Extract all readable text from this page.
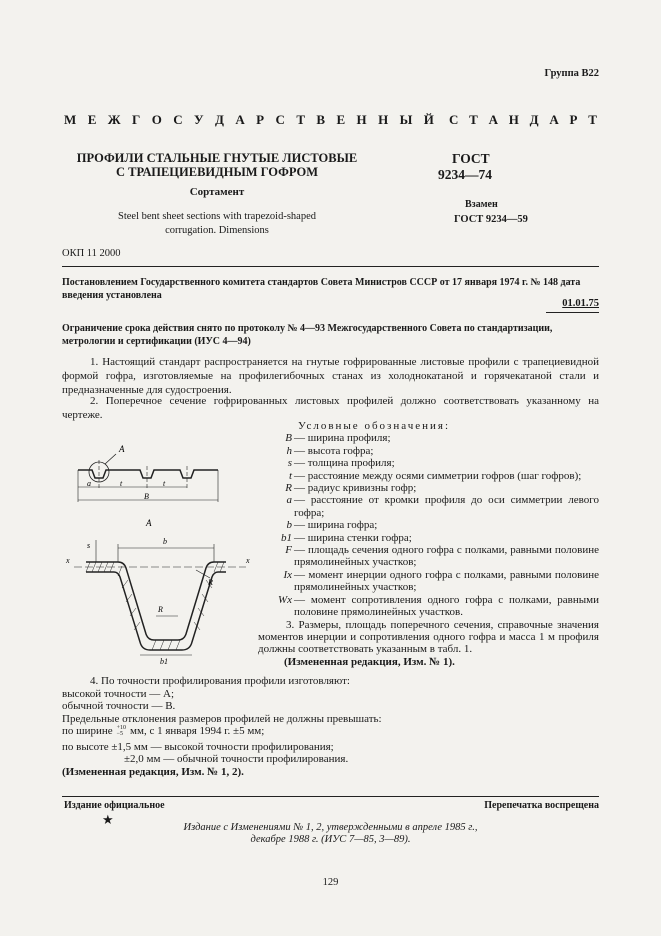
Группа В22
М Е Ж Г О С У Д А Р С Т В Е Н Н Ы Й С Т А Н Д А Р Т
ПРОФИЛИ СТАЛЬНЫЕ ГНУТЫЕ ЛИСТОВЫЕ
С ТРАПЕЦИЕВИДНЫМ ГОФРОМ
Сортамент
Steel bent sheet sections with trapezoid-shaped
corrugation. Dimensions
ГОСТ
9234—74
Взамен
ГОСТ 9234—59
ОКП 11 2000
Постановлением Государственного комитета стандартов Совета Министров СССР от 17 января 1974 г. № 148 дата введения установлена
01.01.75
Ограничение срока действия снято по протоколу № 4—93 Межгосударственного Совета по стандартизации, метрологии и сертификации (ИУС 4—94)
1. Настоящий стандарт распространяется на гнутые гофрированные листовые профили с трапециевидной формой гофра, изготовляемые на профилегибочных станах из холоднокатаной и горячекатаной стали и предназначенные для судостроения.
2. Поперечное сечение гофрированных листовых профилей должно соответствовать указанному на чертеже.
A
a	t	t
B
A
x	x
s	b
R
R
b1
Условные обозначения:
B — ширина профиля;
h — высота гофра;
s — толщина профиля;
t — расстояние между осями симметрии гофров (шаг гофров);
R — радиус кривизны гофр;
a — расстояние от кромки профиля до оси симметрии левого гофра;
b — ширина гофра;
b1 — ширина стенки гофра;
F — площадь сечения одного гофра с полками, равными половине прямолинейных участков;
Ix — момент инерции одного гофра с полками, равными половине прямолинейных участков;
Wx — момент сопротивления одного гофра с полками, равными половине прямолинейных участков.
3. Размеры, площадь поперечного сечения, справочные значения моментов инерции и сопротивления одного гофра и масса 1 м профиля должны соответствовать указанным в табл. 1.
(Измененная редакция, Изм. № 1).
4. По точности профилирования профили изготовляют:
высокой точности — А;
обычной точности — В.
Предельные отклонения размеров профилей не должны превышать:
по ширине +10
−5 мм, с 1 января 1994 г. ±5 мм;
по высоте ±1,5 мм — высокой точности профилирования;
±2,0 мм — обычной точности профилирования.
(Измененная редакция, Изм. № 1, 2).
Издание официальное	Перепечатка воспрещена
★
Издание с Изменениями № 1, 2, утвержденными в апреле 1985 г.,
декабре 1988 г. (ИУС 7—85, 3—89).
129
